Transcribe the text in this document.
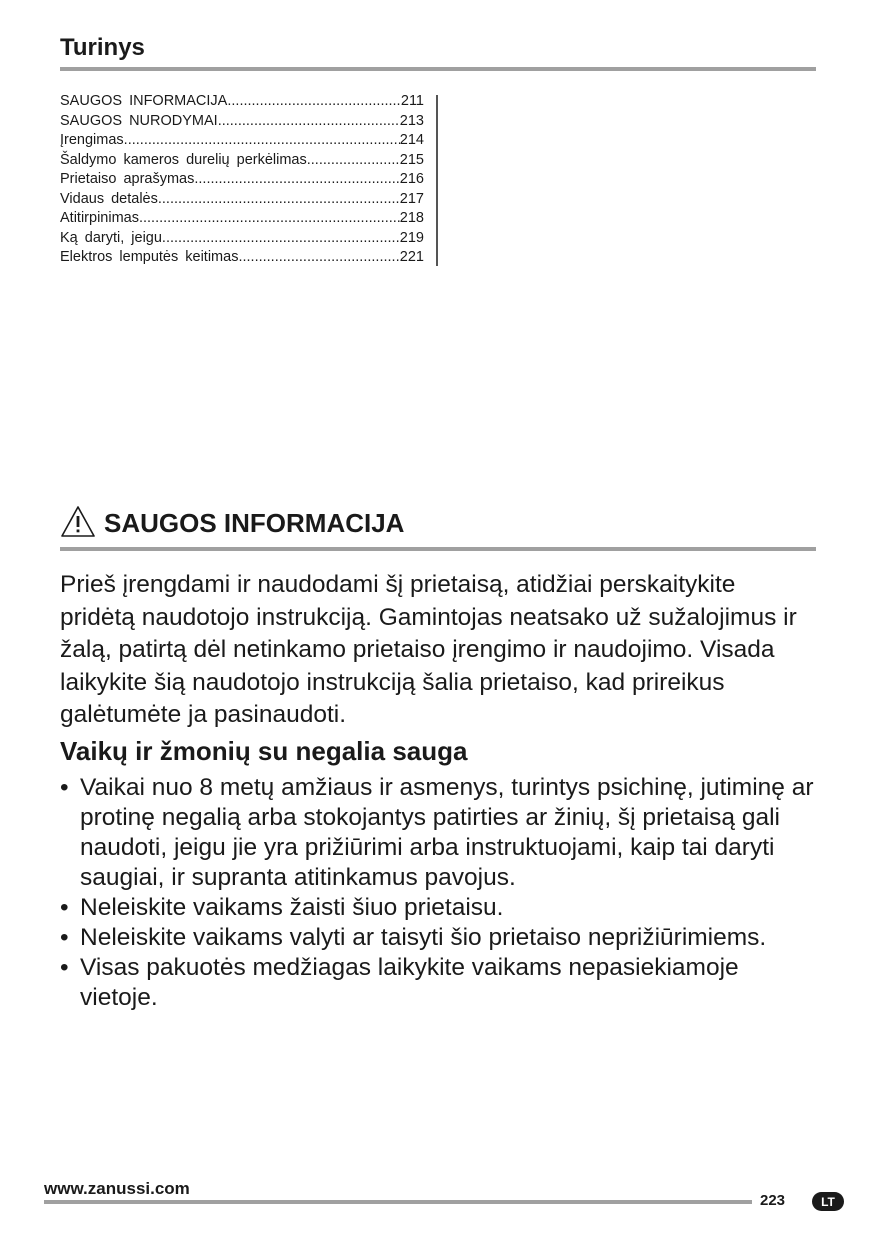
Turinys
SAUGOS INFORMACIJA .....	211
SAUGOS NURODYMAI .....	213
Įrengimas .....	214
Šaldymo kameros durelių perkėlimas .....	215
Prietaiso aprašymas .....	216
Vidaus detalės .....	217
Atitirpinimas .....	218
Ką daryti, jeigu .....	219
Elektros lemputės keitimas .....	221
SAUGOS INFORMACIJA

Prieš įrengdami ir naudodami šį prietaisą, atidžiai perskaitykite pridėtą naudotojo instrukciją. Gamintojas neatsako už sužalojimus ir žalą, patirtą dėl netinkamo prietaiso įrengimo ir naudojimo. Visada laikykite šią naudotojo instrukciją šalia prietaiso, kad prireikus galėtumėte ja pasinaudoti.

Vaikų ir žmonių su negalia sauga
• Vaikai nuo 8 metų amžiaus ir asmenys, turintys psichinę, jutiminę ar protinę negalią arba stokojantys patirties ar žinių, šį prietaisą gali naudoti, jeigu jie yra prižiūrimi arba instruktuojami, kaip tai daryti saugiai, ir supranta atitinkamus pavojus.
• Neleiskite vaikams žaisti šiuo prietaisu.
• Neleiskite vaikams valyti ar taisyti šio prietaiso neprižiūrimiems.
• Visas pakuotės medžiagas laikykite vaikams nepasiekiamoje vietoje.
www.zanussi.com
223	LT
